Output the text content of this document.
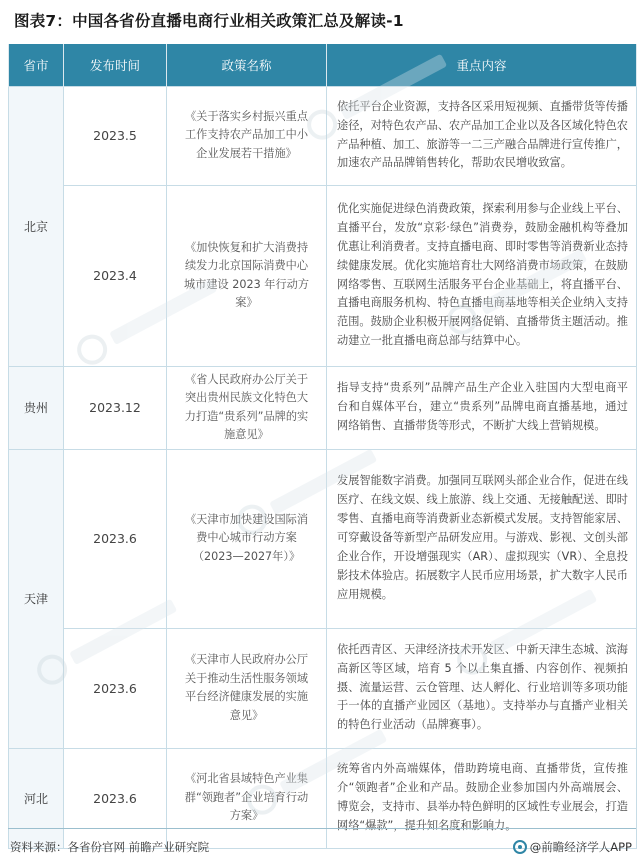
图表7：中国各省份直播电商行业相关政策汇总及解读-1
省市	发布时间	政策名称	重点内容
北京	2023.5	《关于落实乡村振兴重点工作支持农产品加工中小企业发展若干措施》	依托平台企业资源，支持各区采用短视频、直播带货等传播途径，对特色农产品、农产品加工企业以及各区域化特色农产品种植、加工、旅游等一二三产融合品牌进行宣传推广，加速农产品品牌销售转化，帮助农民增收致富。
	2023.4	《加快恢复和扩大消费持续发力北京国际消费中心城市建设 2023 年行动方案》	优化实施促进绿色消费政策，探索利用参与企业线上平台、直播平台，发放“京彩·绿色”消费券，鼓励金融机构等叠加优惠让利消费者。支持直播电商、即时零售等消费新业态持续健康发展。优化实施培育壮大网络消费市场政策，在鼓励网络零售、互联网生活服务平台企业基础上，将直播平台、直播电商服务机构、特色直播电商基地等相关企业纳入支持范围。鼓励企业积极开展网络促销、直播带货主题活动。推动建立一批直播电商总部与结算中心。
贵州	2023.12	《省人民政府办公厅关于突出贵州民族文化特色大力打造“贵系列”品牌的实施意见》	指导支持“贵系列”品牌产品生产企业入驻国内大型电商平台和自媒体平台，建立“贵系列”品牌电商直播基地，通过网络销售、直播带货等形式，不断扩大线上营销规模。
天津	2023.6	《天津市加快建设国际消费中心城市行动方案（2023—2027年）》	发展智能数字消费。加强同互联网头部企业合作，促进在线医疗、在线文娱、线上旅游、线上交通、无接触配送、即时零售、直播电商等消费新业态新模式发展。支持智能家居、可穿戴设备等新型产品研发应用。与游戏、影视、文创头部企业合作，开设增强现实（AR）、虚拟现实（VR）、全息投影技术体验店。拓展数字人民币应用场景，扩大数字人民币应用规模。
	2023.6	《天津市人民政府办公厅关于推动生活性服务领域平台经济健康发展的实施意见》	依托西青区、天津经济技术开发区、中新天津生态城、滨海高新区等区域，培育 5 个以上集直播、内容创作、视频拍摄、流量运营、云仓管理、达人孵化、行业培训等多项功能于一体的直播产业园区（基地）。支持举办与直播产业相关的特色行业活动（品牌赛事）。
河北	2023.6	《河北省县域特色产业集群“领跑者”企业培育行动方案》	统筹省内外高端媒体，借助跨境电商、直播带货，宣传推介“领跑者”企业和产品。鼓励企业参加国内外高端展会、博览会，支持市、县举办特色鲜明的区域性专业展会，打造网络“爆款”，提升知名度和影响力。
资料来源：各省份官网 前瞻产业研究院	@前瞻经济学人APP
